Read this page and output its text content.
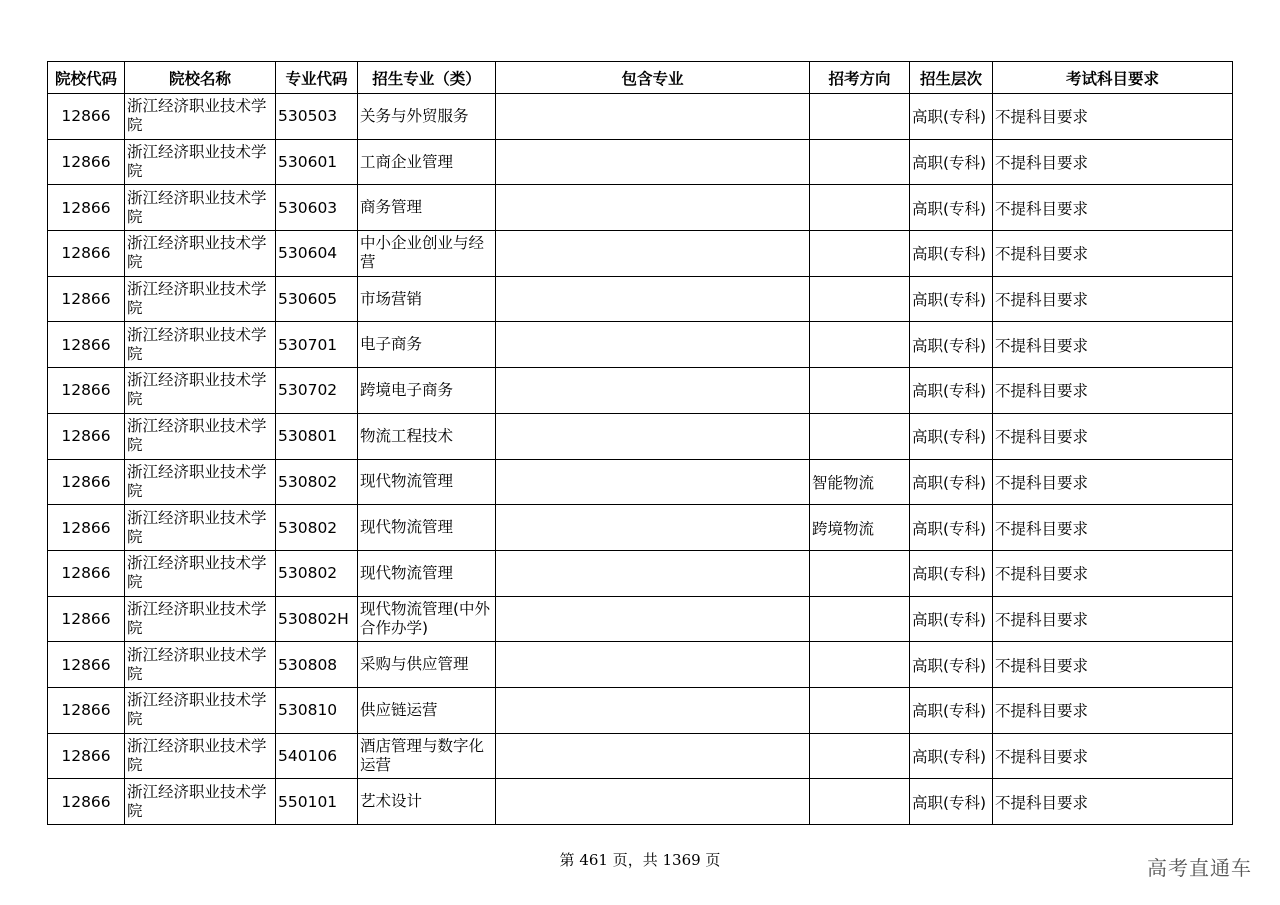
院校代码	院校名称	专业代码	招生专业（类）	包含专业	招考方向	招生层次	考试科目要求
12866	浙江经济职业技术学院	530503	关务与外贸服务			高职(专科)	不提科目要求
12866	浙江经济职业技术学院	530601	工商企业管理			高职(专科)	不提科目要求
12866	浙江经济职业技术学院	530603	商务管理			高职(专科)	不提科目要求
12866	浙江经济职业技术学院	530604	中小企业创业与经营			高职(专科)	不提科目要求
12866	浙江经济职业技术学院	530605	市场营销			高职(专科)	不提科目要求
12866	浙江经济职业技术学院	530701	电子商务			高职(专科)	不提科目要求
12866	浙江经济职业技术学院	530702	跨境电子商务			高职(专科)	不提科目要求
12866	浙江经济职业技术学院	530801	物流工程技术			高职(专科)	不提科目要求
12866	浙江经济职业技术学院	530802	现代物流管理		智能物流	高职(专科)	不提科目要求
12866	浙江经济职业技术学院	530802	现代物流管理		跨境物流	高职(专科)	不提科目要求
12866	浙江经济职业技术学院	530802	现代物流管理			高职(专科)	不提科目要求
12866	浙江经济职业技术学院	530802H	现代物流管理(中外合作办学)			高职(专科)	不提科目要求
12866	浙江经济职业技术学院	530808	采购与供应管理			高职(专科)	不提科目要求
12866	浙江经济职业技术学院	530810	供应链运营			高职(专科)	不提科目要求
12866	浙江经济职业技术学院	540106	酒店管理与数字化运营			高职(专科)	不提科目要求
12866	浙江经济职业技术学院	550101	艺术设计			高职(专科)	不提科目要求
第 461 页，共 1369 页	高考直通车
